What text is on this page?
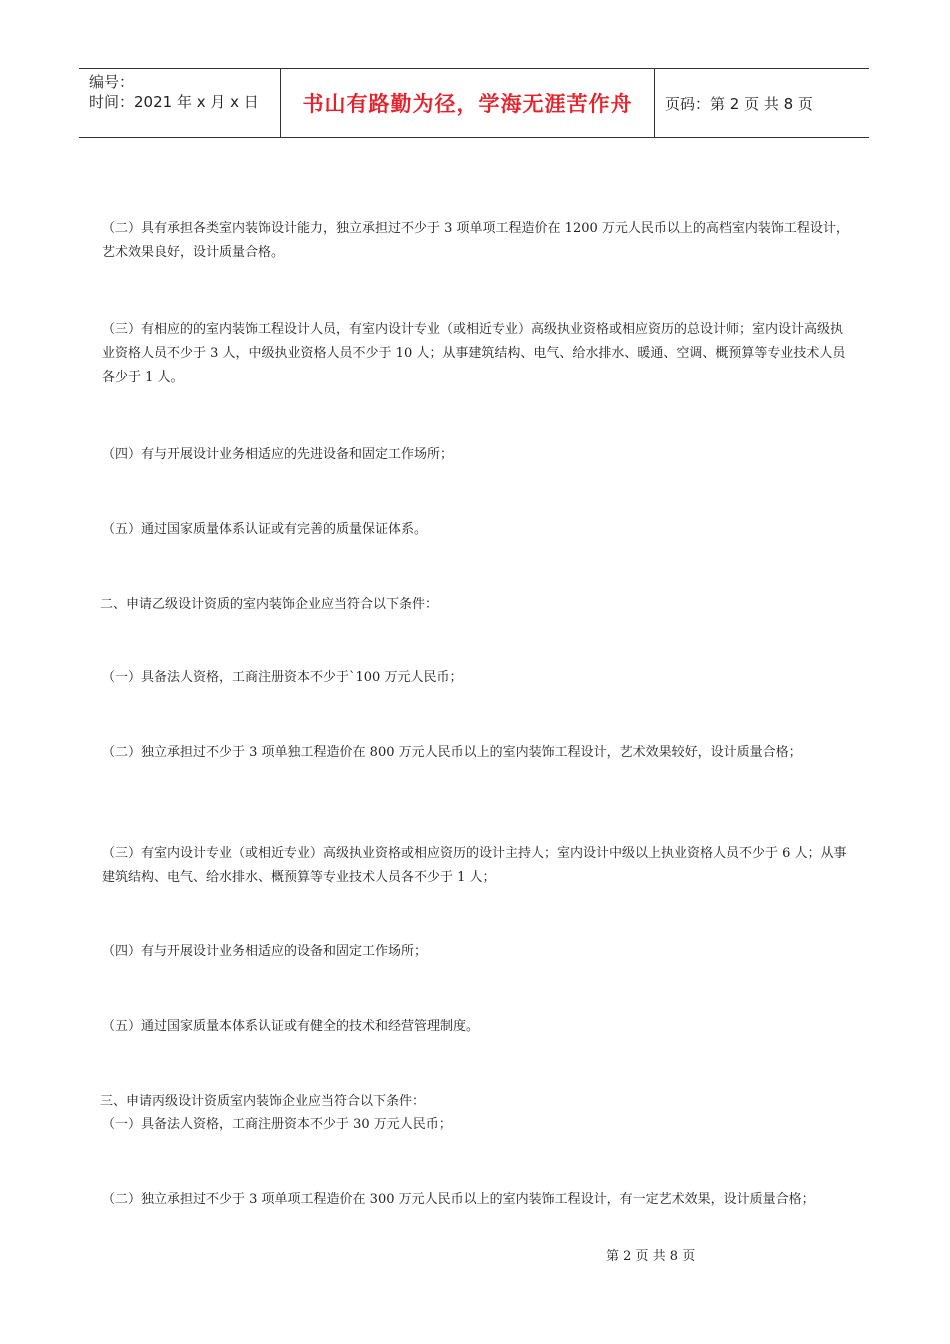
编号：
时间：2021 年 x 月 x 日	书山有路勤为径，学海无涯苦作舟	页码：第 2 页 共 8 页

（二）具有承担各类室内装饰设计能力，独立承担过不少于 3 项单项工程造价在 1200 万元人民币以上的高档室内装饰工程设计，艺术效果良好，设计质量合格。

（三）有相应的的室内装饰工程设计人员，有室内设计专业（或相近专业）高级执业资格或相应资历的总设计师；室内设计高级执业资格人员不少于 3 人，中级执业资格人员不少于 10 人；从事建筑结构、电气、给水排水、暖通、空调、概预算等专业技术人员各少于 1 人。

（四）有与开展设计业务相适应的先进设备和固定工作场所；

（五）通过国家质量体系认证或有完善的质量保证体系。

二、申请乙级设计资质的室内装饰企业应当符合以下条件：

（一）具备法人资格，工商注册资本不少于`100 万元人民币；

（二）独立承担过不少于 3 项单独工程造价在 800 万元人民币以上的室内装饰工程设计，艺术效果较好，设计质量合格；

（三）有室内设计专业（或相近专业）高级执业资格或相应资历的设计主持人；室内设计中级以上执业资格人员不少于 6 人；从事建筑结构、电气、给水排水、概预算等专业技术人员各不少于 1 人；

（四）有与开展设计业务相适应的设备和固定工作场所；

（五）通过国家质量本体系认证或有健全的技术和经营管理制度。

三、申请丙级设计资质室内装饰企业应当符合以下条件：

（一）具备法人资格，工商注册资本不少于 30 万元人民币；

（二）独立承担过不少于 3 项单项工程造价在 300 万元人民币以上的室内装饰工程设计，有一定艺术效果，设计质量合格；

第 2 页 共 8 页
